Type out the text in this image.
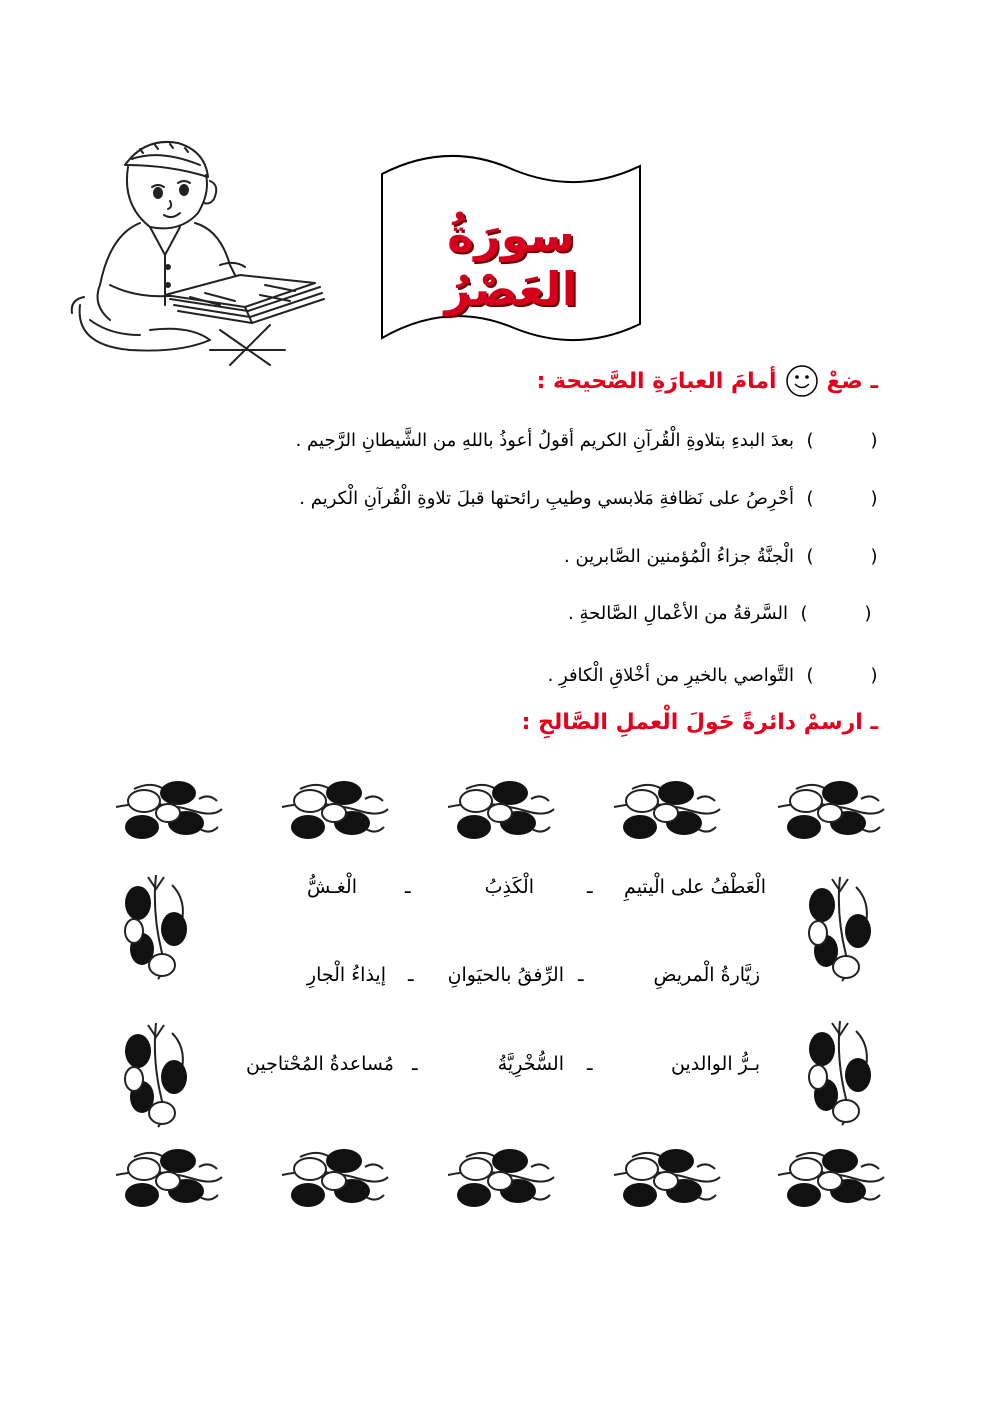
سورَةُ العَصْرُ
ـ ضعْ
أمامَ العبارَةِ الصَّحيحة :
(
)
بعدَ البدءِ بتلاوةِ الْقُرآنِ الكريم أقولُ أعوذُ باللهِ من الشَّيطانِ الرَّجيم .
(
)
أحْرِصُ على نَظافةِ مَلابسي وطيبِ رائحتها قبلَ تلاوةِ الْقُرآنِ الْكريم .
(
)
الْجنَّةُ جزاءُ الْمُؤمنين الصَّابرين .
(
)
السَّرقةُ من الأعْمالِ الصَّالحةِ .
(
)
التَّواصي بالخيرِ من أخْلاقِ الْكافرِ .
ـ ارسمْ دائرةً حَولَ الْعملِ الصَّالحِ :
الْعَطْفُ على الْيتيمِ
ـ
الْكَذِبُ
ـ
الْغـشُّ
زيَّارةُ الْمريضِ
ـ
الرِّفقُ بالحيَوانِ
ـ
إيذاءُ الْجارِ
بـرُّ الوالدين
ـ
السُّخْرِيَّةُ
ـ
مُساعدةُ المُحْتاجين
